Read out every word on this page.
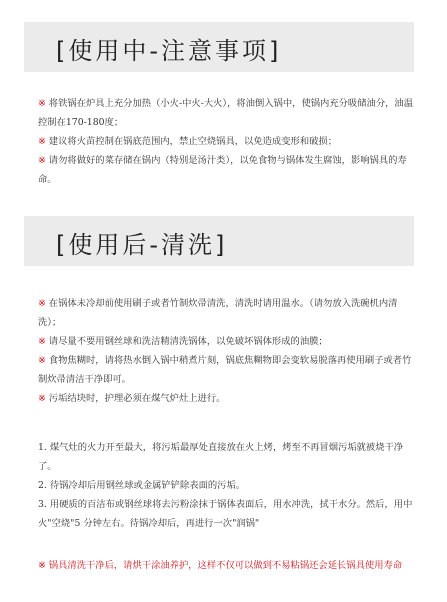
[使用中-注意事项]
※ 将铁锅在炉具上充分加热（小火-中火-大火），将油倒入锅中，使锅内充分吸储油分，油温控制在170-180度；
※ 建议将火苗控制在锅底范围内，禁止空烧锅具，以免造成变形和破损；
※ 请勿将做好的菜存储在锅内（特别是汤汁类），以免食物与锅体发生腐蚀，影响锅具的寿命。
[使用后-清洗]
※ 在锅体未冷却前使用刷子或者竹制炊帚清洗，清洗时请用温水。（请勿放入洗碗机内清洗）；
※ 请尽量不要用钢丝球和洗洁精清洗锅体，以免破坏锅体形成的油膜；
※ 食物焦糊时，请将热水倒入锅中稍煮片刻，锅底焦糊物即会变软易脱落再使用刷子或者竹制炊帚清洁干净即可。
※ 污垢结块时，护理必须在煤气炉灶上进行。
1. 煤气灶的火力开至最大，将污垢最厚处直接放在火上烤，烤至不再冒烟污垢就被烧干净了。
2. 待锅冷却后用钢丝球或金属铲铲除表面的污垢。
3. 用硬质的百洁布或钢丝球将去污粉涂抹于锅体表面后，用水冲洗，拭干水分。然后，用中火"空烧"5 分钟左右。待锅冷却后，再进行一次"润锅"
※ 锅具清洗干净后，请烘干涂油养护，这样不仅可以做到不易粘锅还会延长锅具使用寿命
